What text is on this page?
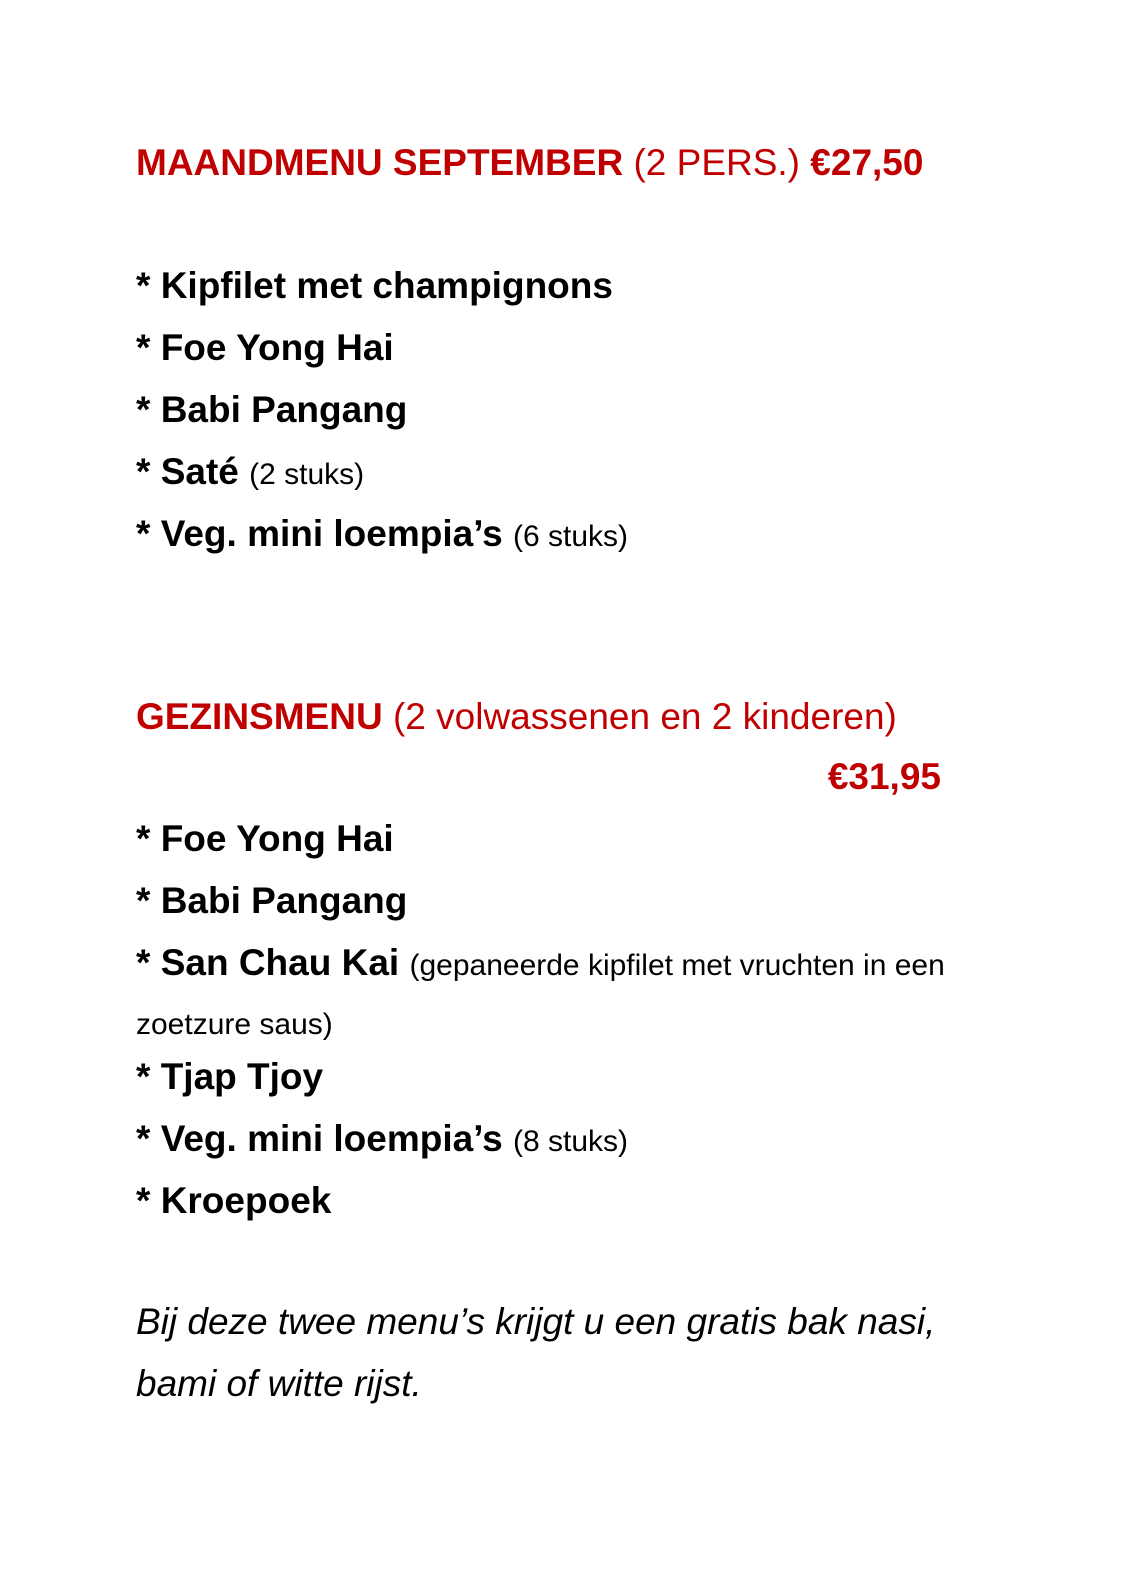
MAANDMENU SEPTEMBER (2 PERS.) €27,50
* Kipfilet met champignons
* Foe Yong Hai
* Babi Pangang
* Saté (2 stuks)
* Veg. mini loempia’s (6 stuks)
GEZINSMENU (2 volwassenen en 2 kinderen)
€31,95
* Foe Yong Hai
* Babi Pangang
* San Chau Kai (gepaneerde kipfilet met vruchten in een zoetzure saus)
* Tjap Tjoy
* Veg. mini loempia’s (8 stuks)
* Kroepoek
Bij deze twee menu’s krijgt u een gratis bak nasi, bami of witte rijst.
